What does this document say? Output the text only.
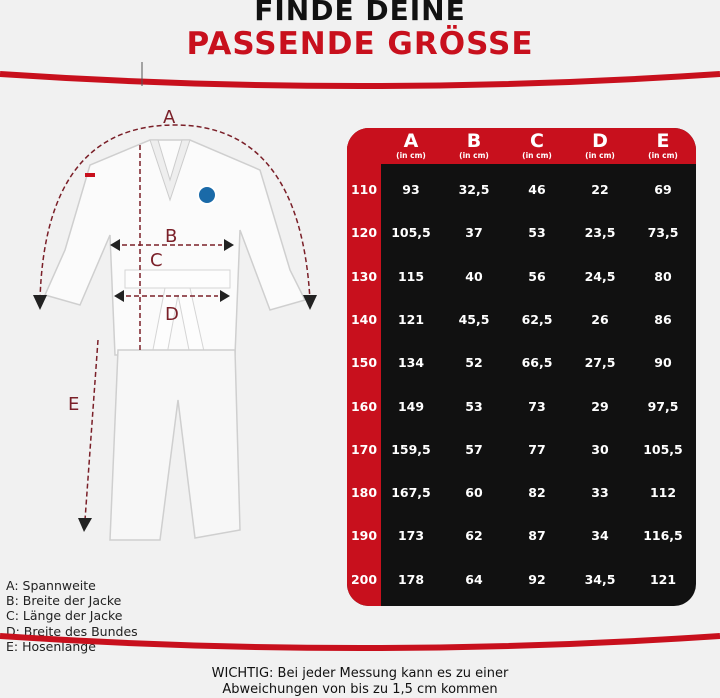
FINDE DEINE
PASSENDE GRÖSSE
A
B
C
D
E
A: Spannweite
B: Breite der Jacke
C: Länge der Jacke
D: Breite des Bundes
E: Hosenlänge
A
(in cm)
B
(in cm)
C
(in cm)
D
(in cm)
E
(in cm)
110	93	32,5	46	22	69
120	105,5	37	53	23,5	73,5
130	115	40	56	24,5	80
140	121	45,5	62,5	26	86
150	134	52	66,5	27,5	90
160	149	53	73	29	97,5
170	159,5	57	77	30	105,5
180	167,5	60	82	33	112
190	173	62	87	34	116,5
200	178	64	92	34,5	121
WICHTIG: Bei jeder Messung kann es zu einer
Abweichungen von bis zu 1,5 cm kommen
